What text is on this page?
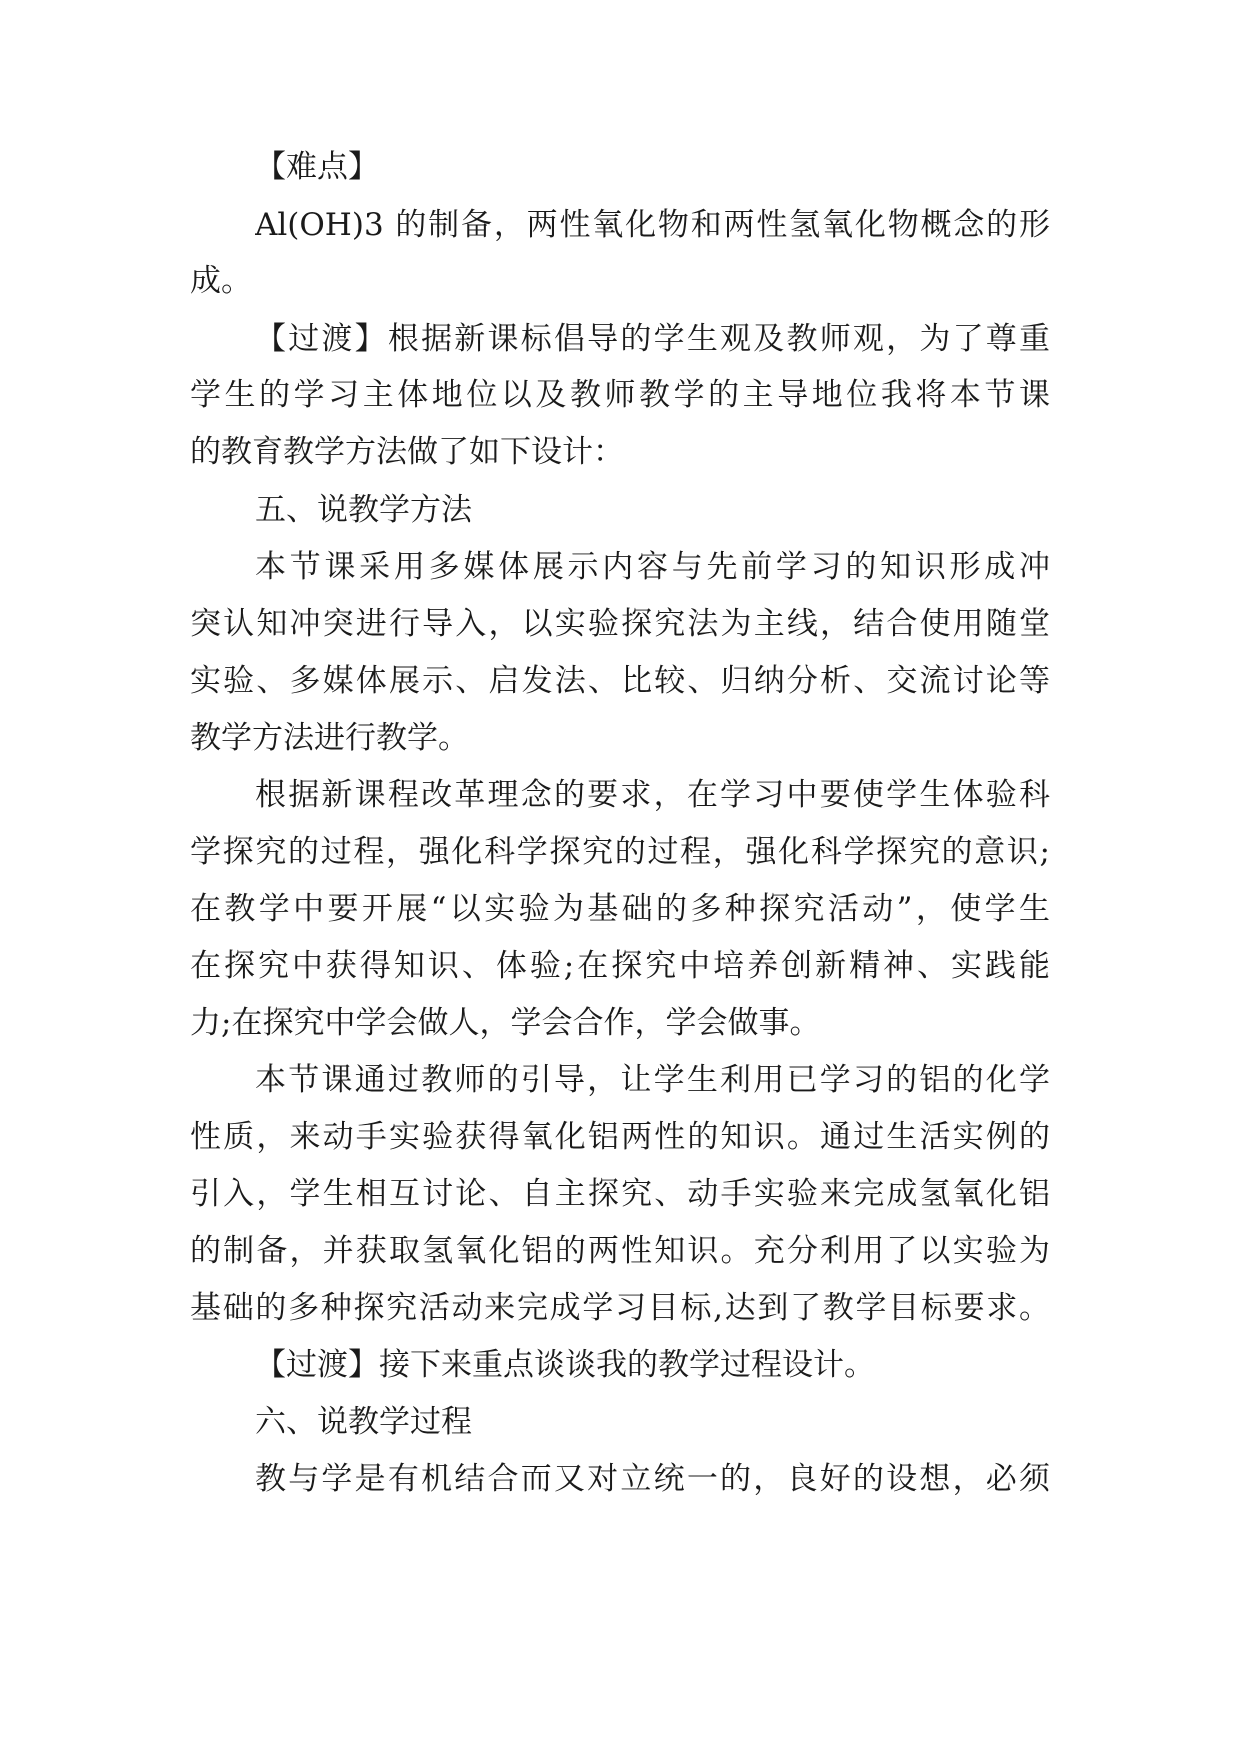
【难点】
Al(OH)3 的制备，两性氧化物和两性氢氧化物概念的形
成。
【过渡】根据新课标倡导的学生观及教师观，为了尊重
学生的学习主体地位以及教师教学的主导地位我将本节课
的教育教学方法做了如下设计：
五、说教学方法
本节课采用多媒体展示内容与先前学习的知识形成冲
突认知冲突进行导入，以实验探究法为主线，结合使用随堂
实验、多媒体展示、启发法、比较、归纳分析、交流讨论等
教学方法进行教学。
根据新课程改革理念的要求，在学习中要使学生体验科
学探究的过程，强化科学探究的过程，强化科学探究的意识;
在教学中要开展“以实验为基础的多种探究活动”，使学生
在探究中获得知识、体验;在探究中培养创新精神、实践能
力;在探究中学会做人，学会合作，学会做事。
本节课通过教师的引导，让学生利用已学习的铝的化学
性质，来动手实验获得氧化铝两性的知识。通过生活实例的
引入，学生相互讨论、自主探究、动手实验来完成氢氧化铝
的制备，并获取氢氧化铝的两性知识。充分利用了以实验为
基础的多种探究活动来完成学习目标,达到了教学目标要求。
【过渡】接下来重点谈谈我的教学过程设计。
六、说教学过程
教与学是有机结合而又对立统一的，良好的设想，必须
